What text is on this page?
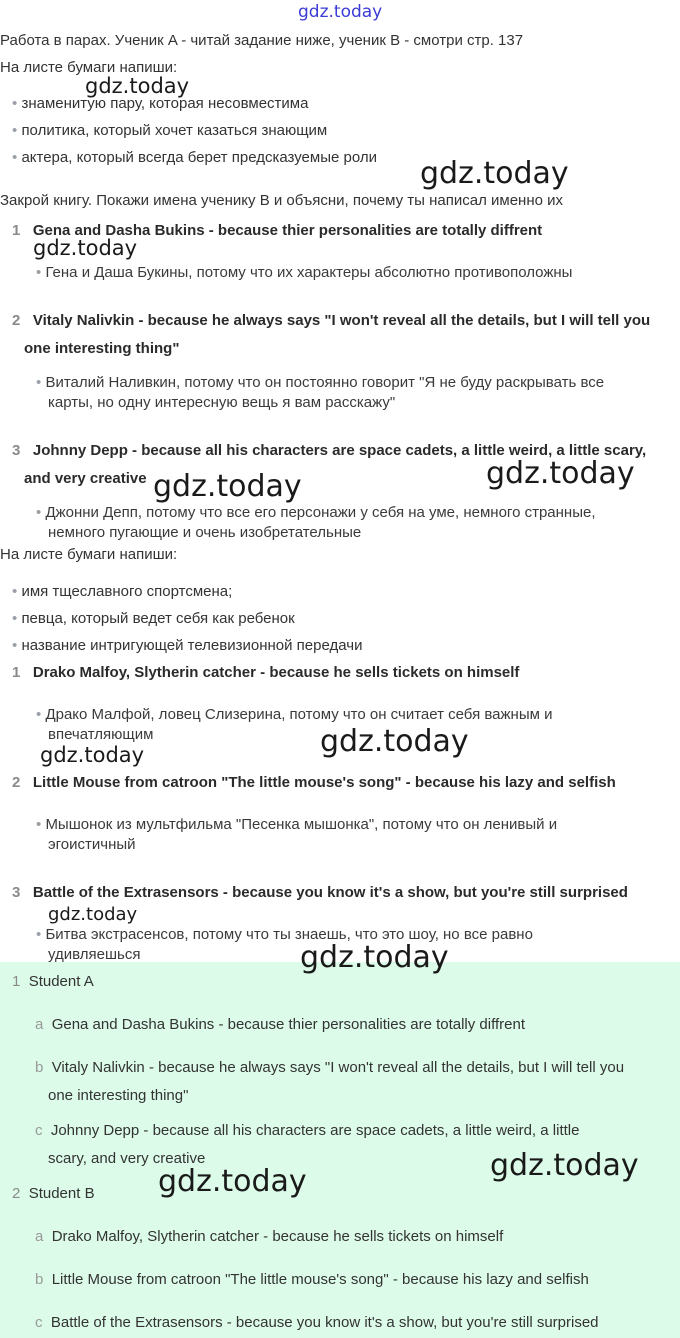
gdz.today
Работа в парах. Ученик A - читай задание ниже, ученик B - смотри стр. 137
На листе бумаги напиши:
gdz.today
• знаменитую пару, которая несовместима
• политика, который хочет казаться знающим
• актера, который всегда берет предсказуемые роли gdz.today
Закрой книгу. Покажи имена ученику B и объясни, почему ты написал именно их
1 Gena and Dasha Bukins - because thier personalities are totally diffrent
gdz.today
• Гена и Даша Букины, потому что их характеры абсолютно противоположны
2 Vitaly Nalivkin - because he always says "I won't reveal all the details, but I will tell you
one interesting thing"
• Виталий Наливкин, потому что он постоянно говорит "Я не буду раскрывать все
карты, но одну интересную вещь я вам расскажу"
3 Johnny Depp - because all his characters are space cadets, a little weird, a little scary,
and very creative	gdz.today
gdz.today
• Джонни Депп, потому что все его персонажи у себя на уме, немного странные,
немного пугающие и очень изобретательные
На листе бумаги напиши:
• имя тщеславного спортсмена;
• певца, который ведет себя как ребенок
• название интригующей телевизионной передачи
1 Drako Malfoy, Slytherin catcher - because he sells tickets on himself
• Драко Малфой, ловец Слизерина, потому что он считает себя важным и
впечатляющим	gdz.today
gdz.today
2 Little Mouse from catroon "The little mouse's song" - because his lazy and selfish
• Мышонок из мультфильма "Песенка мышонка", потому что он ленивый и
эгоистичный
3 Battle of the Extrasensors - because you know it's a show, but you're still surprised
gdz.today
• Битва экстрасенсов, потому что ты знаешь, что это шоу, но все равно
удивляешься	gdz.today
1 Student A
a Gena and Dasha Bukins - because thier personalities are totally diffrent
b Vitaly Nalivkin - because he always says "I won't reveal all the details, but I will tell you
one interesting thing"
c Johnny Depp - because all his characters are space cadets, a little weird, a little
scary, and very creative	gdz.today
2 Student B gdz.today
a Drako Malfoy, Slytherin catcher - because he sells tickets on himself
b Little Mouse from catroon "The little mouse's song" - because his lazy and selfish
c Battle of the Extrasensors - because you know it's a show, but you're still surprised
